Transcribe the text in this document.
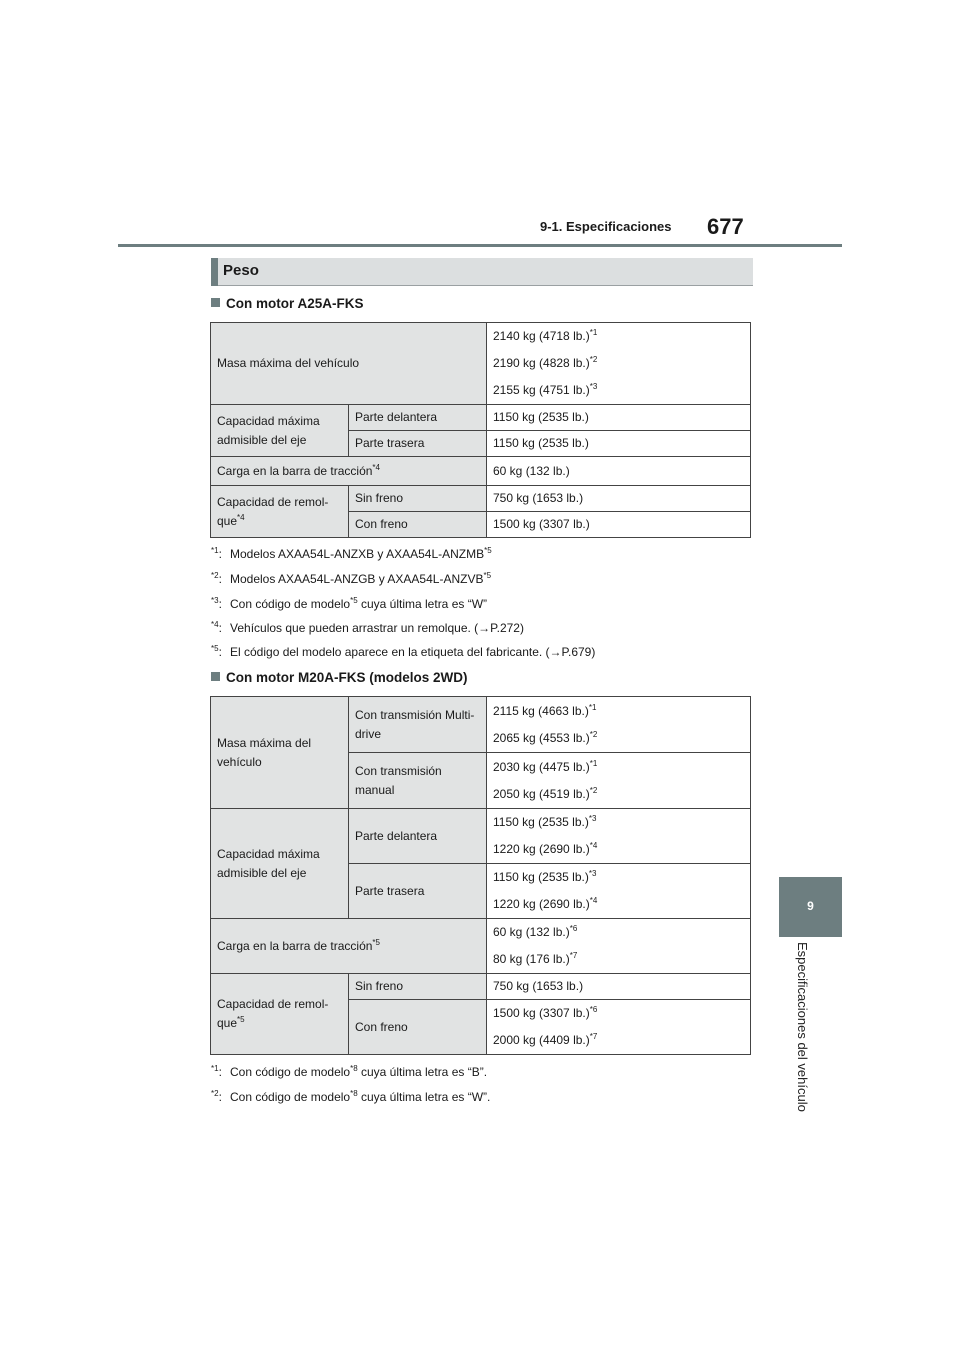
9-1. Especificaciones 677
9
Especificaciones del vehículo
Peso
Con motor A25A-FKS
Masa máxima del vehículo		2140 kg (4718 lb.)$^{*1}$
2190 kg (4828 lb.)$^{*2}$
2155 kg (4751 lb.)$^{*3}$

Capacidad máxima
admisible del eje	Parte delantera	1150 kg (2535 lb.)
	Parte trasera	1150 kg (2535 lb.)
Carga en la barra de tracción$^{*4}$		60 kg (132 lb.)
Capacidad de remol-
que$^{*4}$	Sin freno	750 kg (1653 lb.)
	Con freno	1500 kg (3307 lb.)
$^{*1}$: Modelos AXAA54L-ANZXB y AXAA54L-ANZMB$^{*5}$
$^{*2}$: Modelos AXAA54L-ANZGB y AXAA54L-ANZVB$^{*5}$
$^{*3}$: Con código de modelo$^{*5}$ cuya última letra es “W”
$^{*4}$: Vehículos que pueden arrastrar un remolque. (→P.272)
$^{*5}$: El código del modelo aparece en la etiqueta del fabricante. (→P.679)
Con motor M20A-FKS (modelos 2WD)
Masa máxima del
vehículo	Con transmisión Multi-
drive	2115 kg (4663 lb.)$^{*1}$
2065 kg (4553 lb.)$^{*2}$

	Con transmisión
manual	2030 kg (4475 lb.)$^{*1}$
2050 kg (4519 lb.)$^{*2}$

Capacidad máxima
admisible del eje	Parte delantera	1150 kg (2535 lb.)$^{*3}$
1220 kg (2690 lb.)$^{*4}$

	Parte trasera	1150 kg (2535 lb.)$^{*3}$
1220 kg (2690 lb.)$^{*4}$

Carga en la barra de tracción$^{*5}$		60 kg (132 lb.)$^{*6}$
80 kg (176 lb.)$^{*7}$

Capacidad de remol-
que$^{*5}$	Sin freno	750 kg (1653 lb.)
	Con freno	1500 kg (3307 lb.)$^{*6}$
2000 kg (4409 lb.)$^{*7}$
$^{*1}$: Con código de modelo$^{*8}$ cuya última letra es “B”.
$^{*2}$: Con código de modelo$^{*8}$ cuya última letra es “W”.
